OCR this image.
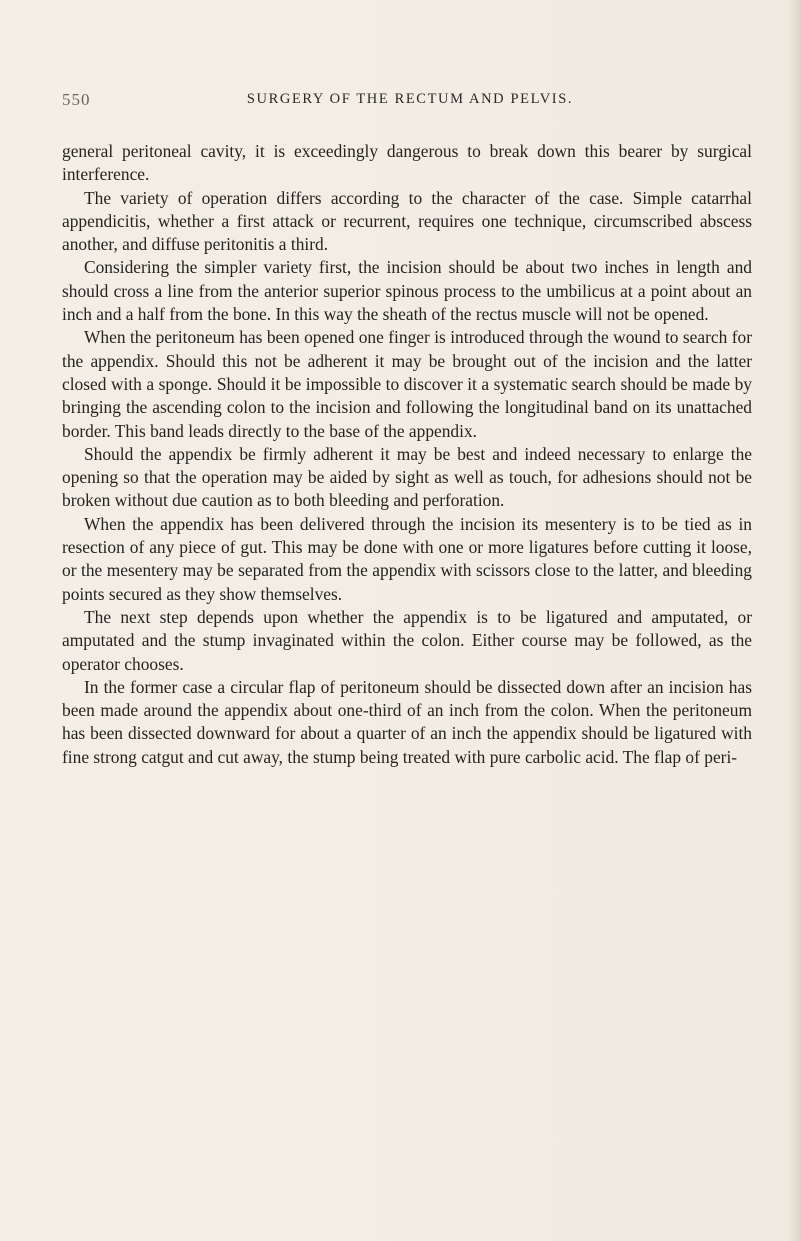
550	SURGERY OF THE RECTUM AND PELVIS.

general peritoneal cavity, it is exceedingly dangerous to break down this bearer by surgical interference.

The variety of operation differs according to the character of the case. Simple catarrhal appendicitis, whether a first attack or recurrent, requires one technique, circumscribed abscess another, and diffuse peritonitis a third.

Considering the simpler variety first, the incision should be about two inches in length and should cross a line from the anterior superior spinous process to the umbilicus at a point about an inch and a half from the bone. In this way the sheath of the rectus muscle will not be opened.

When the peritoneum has been opened one finger is introduced through the wound to search for the appendix. Should this not be adherent it may be brought out of the incision and the latter closed with a sponge. Should it be impossible to discover it a systematic search should be made by bringing the ascending colon to the incision and following the longitudinal band on its unattached border. This band leads directly to the base of the appendix.

Should the appendix be firmly adherent it may be best and indeed necessary to enlarge the opening so that the operation may be aided by sight as well as touch, for adhesions should not be broken without due caution as to both bleeding and perforation.

When the appendix has been delivered through the incision its mesentery is to be tied as in resection of any piece of gut. This may be done with one or more ligatures before cutting it loose, or the mesentery may be separated from the appendix with scissors close to the latter, and bleeding points secured as they show themselves.

The next step depends upon whether the appendix is to be ligatured and amputated, or amputated and the stump invaginated within the colon. Either course may be followed, as the operator chooses.

In the former case a circular flap of peritoneum should be dissected down after an incision has been made around the appendix about one-third of an inch from the colon. When the peritoneum has been dissected downward for about a quarter of an inch the appendix should be ligatured with fine strong catgut and cut away, the stump being treated with pure carbolic acid. The flap of peri-
